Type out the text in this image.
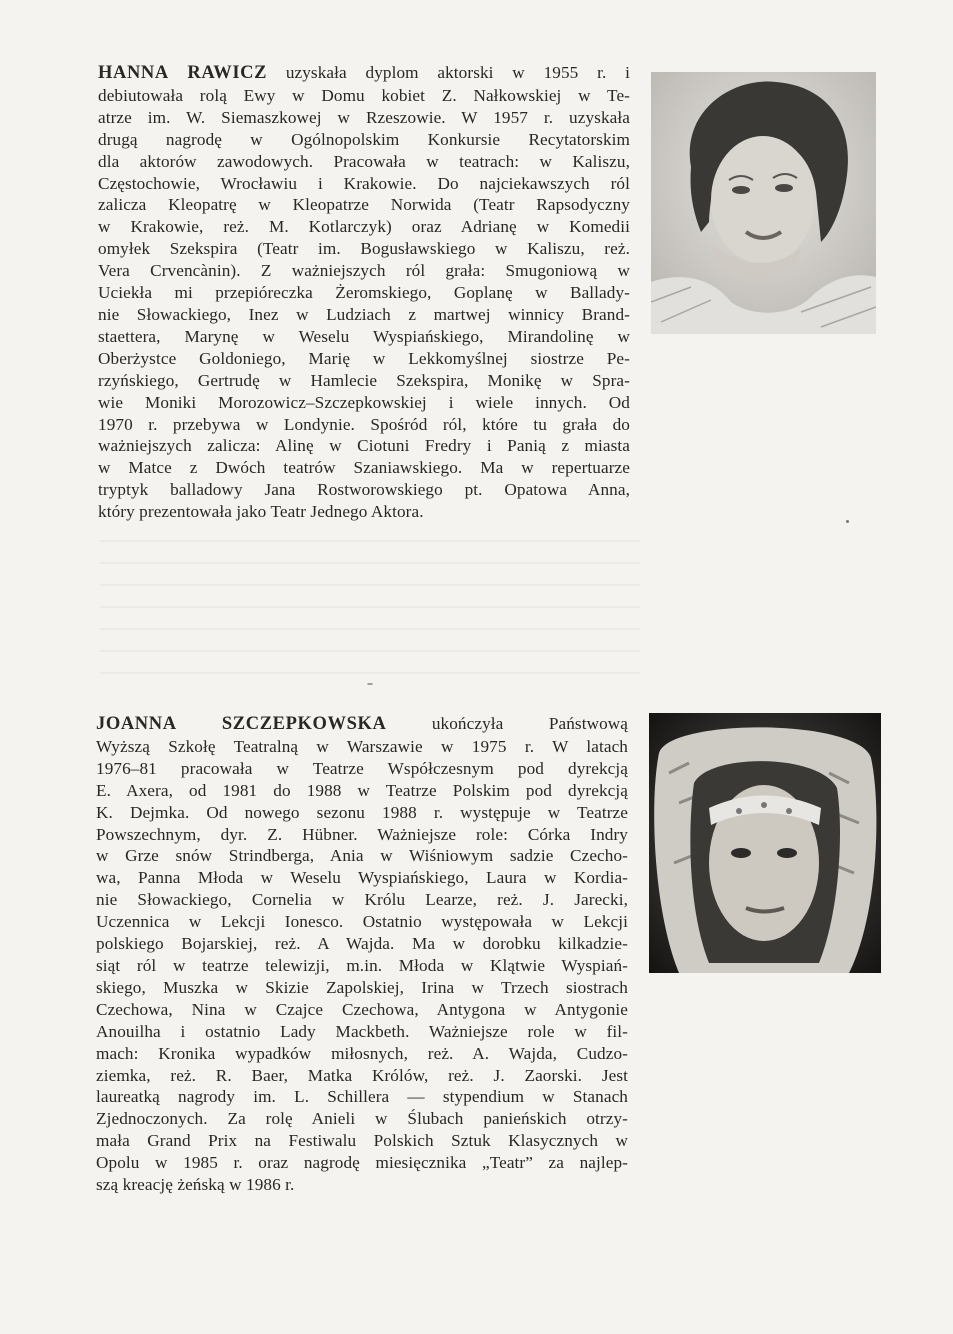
HANNA RAWICZ uzyskała dyplom aktorski w 1955 r. i
debiutowała rolą Ewy w Domu kobiet Z. Nałkowskiej w Te-
atrze im. W. Siemaszkowej w Rzeszowie. W 1957 r. uzyskała
drugą nagrodę w Ogólnopolskim Konkursie Recytatorskim
dla aktorów zawodowych. Pracowała w teatrach: w Kaliszu,
Częstochowie, Wrocławiu i Krakowie. Do najciekawszych ról
zalicza Kleopatrę w Kleopatrze Norwida (Teatr Rapsodyczny
w Krakowie, reż. M. Kotlarczyk) oraz Adrianę w Komedii
omyłek Szekspira (Teatr im. Bogusławskiego w Kaliszu, reż.
Vera Crvencànin). Z ważniejszych ról grała: Smugoniową w
Uciekła mi przepióreczka Żeromskiego, Goplanę w Ballady-
nie Słowackiego, Inez w Ludziach z martwej winnicy Brand-
staettera, Marynę w Weselu Wyspiańskiego, Mirandolinę w
Oberżystce Goldoniego, Marię w Lekkomyślnej siostrze Pe-
rzyńskiego, Gertrudę w Hamlecie Szekspira, Monikę w Spra-
wie Moniki Morozowicz–Szczepkowskiej i wiele innych. Od
1970 r. przebywa w Londynie. Spośród ról, które tu grała do
ważniejszych zalicza: Alinę w Ciotuni Fredry i Panią z miasta
w Matce z Dwóch teatrów Szaniawskiego. Ma w repertuarze
tryptyk balladowy Jana Rostworowskiego pt. Opatowa Anna,
który prezentowała jako Teatr Jednego Aktora.
JOANNA SZCZEPKOWSKA ukończyła Państwową
Wyższą Szkołę Teatralną w Warszawie w 1975 r. W latach
1976–81 pracowała w Teatrze Współczesnym pod dyrekcją
E. Axera, od 1981 do 1988 w Teatrze Polskim pod dyrekcją
K. Dejmka. Od nowego sezonu 1988 r. występuje w Teatrze
Powszechnym, dyr. Z. Hübner. Ważniejsze role: Córka Indry
w Grze snów Strindberga, Ania w Wiśniowym sadzie Czecho-
wa, Panna Młoda w Weselu Wyspiańskiego, Laura w Kordia-
nie Słowackiego, Cornelia w Królu Learze, reż. J. Jarecki,
Uczennica w Lekcji Ionesco. Ostatnio występowała w Lekcji
polskiego Bojarskiej, reż. A Wajda. Ma w dorobku kilkadzie-
siąt ról w teatrze telewizji, m.in. Młoda w Klątwie Wyspiań-
skiego, Muszka w Skizie Zapolskiej, Irina w Trzech siostrach
Czechowa, Nina w Czajce Czechowa, Antygona w Antygonie
Anouilha i ostatnio Lady Mackbeth. Ważniejsze role w fil-
mach: Kronika wypadków miłosnych, reż. A. Wajda, Cudzo-
ziemka, reż. R. Baer, Matka Królów, reż. J. Zaorski. Jest
laureatką nagrody im. L. Schillera — stypendium w Stanach
Zjednoczonych. Za rolę Anieli w Ślubach panieńskich otrzy-
mała Grand Prix na Festiwalu Polskich Sztuk Klasycznych w
Opolu w 1985 r. oraz nagrodę miesięcznika „Teatr” za najlep-
szą kreację żeńską w 1986 r.
